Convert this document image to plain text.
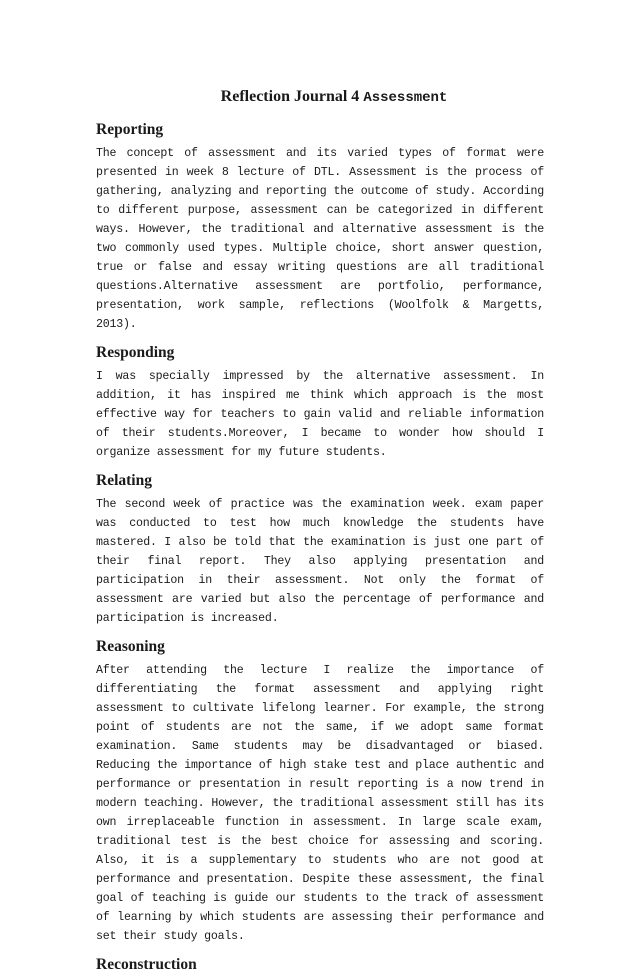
Reflection Journal 4 Assessment
Reporting

The concept of assessment and its varied types of format were presented in week 8 lecture of DTL. Assessment is the process of gathering, analyzing and reporting the outcome of study. According to different purpose, assessment can be categorized in different ways. However, the traditional and alternative assessment is the two commonly used types. Multiple choice, short answer question, true or false and essay writing questions are all traditional questions.Alternative assessment are portfolio, performance, presentation, work sample, reflections (Woolfolk & Margetts, 2013).

Responding

I was specially impressed by the alternative assessment. In addition, it has inspired me think which approach is the most effective way for teachers to gain valid and reliable information of their students.Moreover, I became to wonder how should I organize assessment for my future students.

Relating

The second week of practice was the examination week. exam paper was conducted to test how much knowledge the students have mastered. I also be told that the examination is just one part of their final report. They also applying presentation and participation in their assessment. Not only the format of assessment are varied but also the percentage of performance and participation is increased.

Reasoning

After attending the lecture I realize the importance of differentiating the format assessment and applying right assessment to cultivate lifelong learner. For example, the strong point of students are not the same, if we adopt same format examination. Same students may be disadvantaged or biased. Reducing the importance of high stake test and place authentic and performance or presentation in result reporting is a now trend in modern teaching. However, the traditional assessment still has its own irreplaceable function in assessment. In large scale exam, traditional test is the best choice for assessing and scoring. Also, it is a supplementary to students who are not good at performance and presentation. Despite these assessment, the final goal of teaching is guide our students to the track of assessment of learning by which students are assessing their performance and set their study goals.

Reconstruction
